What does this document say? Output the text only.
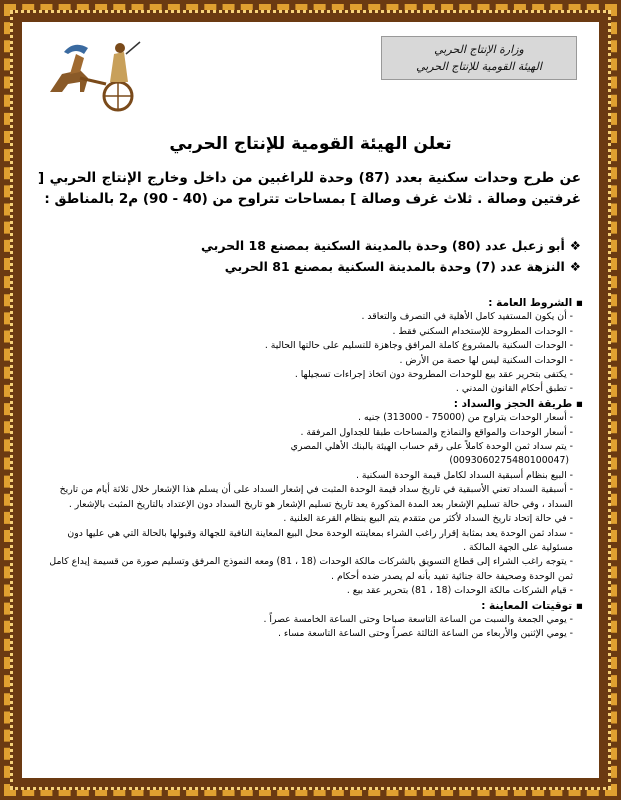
وزارة الإنتاج الحربي
الهيئة القومية للإنتاج الحربي
تعلن الهيئة القومية للإنتاج الحربي
عن طرح وحدات سكنية بعدد (87) وحدة للراغبين من داخل وخارج الإنتاج الحربي [ غرفتين وصالة . ثلاث غرف وصالة ] بمساحات تتراوح من (40 - 90) م2 بالمناطق :
❖أبو زعبل عدد (80) وحدة بالمدينة السكنية بمصنع 18 الحربي
❖النزهة عدد (7) وحدة بالمدينة السكنية بمصنع 81 الحربي
▪ الشروط العامة :
- أن يكون المستفيد كامل الأهلية في التصرف والتعاقد .
- الوحدات المطروحة للإستخدام السكني فقط .
- الوحدات السكنية بالمشروع كاملة المرافق وجاهزة للتسليم على حالتها الحالية .
- الوحدات السكنية ليس لها حصة من الأرض .
- يكتفى بتحرير عقد بيع للوحدات المطروحة دون اتخاذ إجراءات تسجيلها .
- تطبق أحكام القانون المدني .
▪ طريقة الحجز والسداد :
- أسعار الوحدات يتراوح من (75000 - 313000) جنيه .
- أسعار الوحدات والمواقع والنماذج والمساحات طبقا للجداول المرفقة .
- يتم سداد ثمن الوحدة كاملاً على رقم حساب الهيئة بالبنك الأهلي المصري
(0093060275480100047)
- البيع بنظام أسبقية السداد لكامل قيمة الوحدة السكنية .
- أسبقية السداد تعني الأسبقية في تاريخ سداد قيمة الوحدة المثبت في إشعار السداد على أن يسلم هذا الإشعار خلال ثلاثة أيام من تاريخ السداد ، وفي حالة تسليم الإشعار بعد المدة المذكورة يعد تاريخ تسليم الإشعار هو تاريخ السداد دون الإعتداد بالتاريخ المثبت بالإشعار .
- في حالة إتحاد تاريخ السداد لأكثر من متقدم يتم البيع بنظام القرعة العلنية .
- سداد ثمن الوحدة يعد بمثابة إقرار راغب الشراء بمعاينته الوحدة محل البيع المعاينة النافية للجهالة وقبولها بالحالة التي هي عليها دون مسئولية على الجهة المالكة .
- يتوجه راغب الشراء إلى قطاع التسويق بالشركات مالكة الوحدات (18 ، 81) ومعه النموذج المرفق وتسليم صورة من قسيمة إيداع كامل ثمن الوحدة وصحيفة حالة جنائية تفيد بأنه لم يصدر ضده أحكام .
- قيام الشركات مالكة الوحدات (18 ، 81) بتحرير عقد بيع .
▪ توقيتات المعاينة :
- يومي الجمعة والسبت من الساعة التاسعة صباحا وحتى الساعة الخامسة عصراً .
- يومي الإثنين والأربعاء من الساعة الثالثة عصراً وحتى الساعة التاسعة مساء .
